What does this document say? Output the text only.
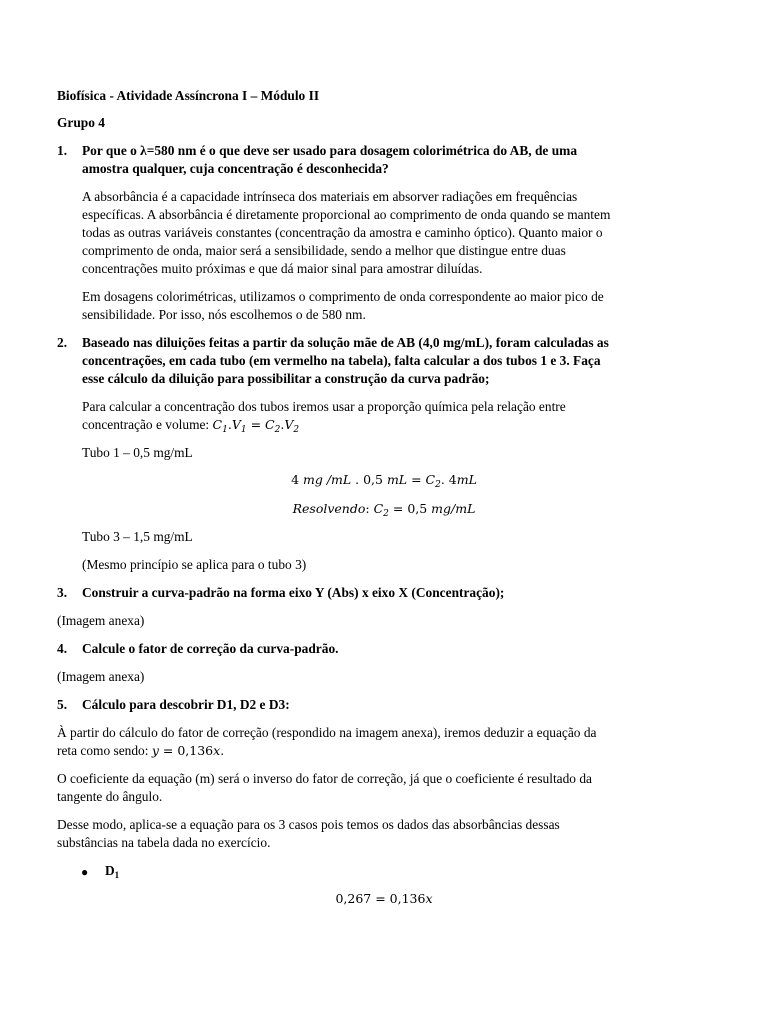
Biofísica - Atividade Assíncrona I – Módulo II
Grupo 4
1. Por que o λ=580 nm é o que deve ser usado para dosagem colorimétrica do AB, de uma
amostra qualquer, cuja concentração é desconhecida?
A absorbância é a capacidade intrínseca dos materiais em absorver radiações em frequências
específicas. A absorbância é diretamente proporcional ao comprimento de onda quando se mantem
todas as outras variáveis constantes (concentração da amostra e caminho óptico). Quanto maior o
comprimento de onda, maior será a sensibilidade, sendo a melhor que distingue entre duas
concentrações muito próximas e que dá maior sinal para amostrar diluídas.
Em dosagens colorimétricas, utilizamos o comprimento de onda correspondente ao maior pico de
sensibilidade. Por isso, nós escolhemos o de 580 nm.
2. Baseado nas diluições feitas a partir da solução mãe de AB (4,0 mg/mL), foram calculadas as
concentrações, em cada tubo (em vermelho na tabela), falta calcular a dos tubos 1 e 3. Faça
esse cálculo da diluição para possibilitar a construção da curva padrão;
Para calcular a concentração dos tubos iremos usar a proporção química pela relação entre
concentração e volume: $C_1.V_1 = C_2.V_2$
Tubo 1 – 0,5 mg/mL
4 mg /mL . 0,5 mL = $C_2$. 4mL
Resolvendo: $C_2 = 0,5$ mg/mL
Tubo 3 – 1,5 mg/mL
(Mesmo princípio se aplica para o tubo 3)
3. Construir a curva-padrão na forma eixo Y (Abs) x eixo X (Concentração);
(Imagem anexa)
4. Calcule o fator de correção da curva-padrão.
(Imagem anexa)
5. Cálculo para descobrir D1, D2 e D3:
À partir do cálculo do fator de correção (respondido na imagem anexa), iremos deduzir a equação da
reta como sendo: y = 0,136x.
O coeficiente da equação (m) será o inverso do fator de correção, já que o coeficiente é resultado da
tangente do ângulo.
Desse modo, aplica-se a equação para os 3 casos pois temos os dados das absorbâncias dessas
substâncias na tabela dada no exercício.
● $D_1$
0,267 = 0,136x
